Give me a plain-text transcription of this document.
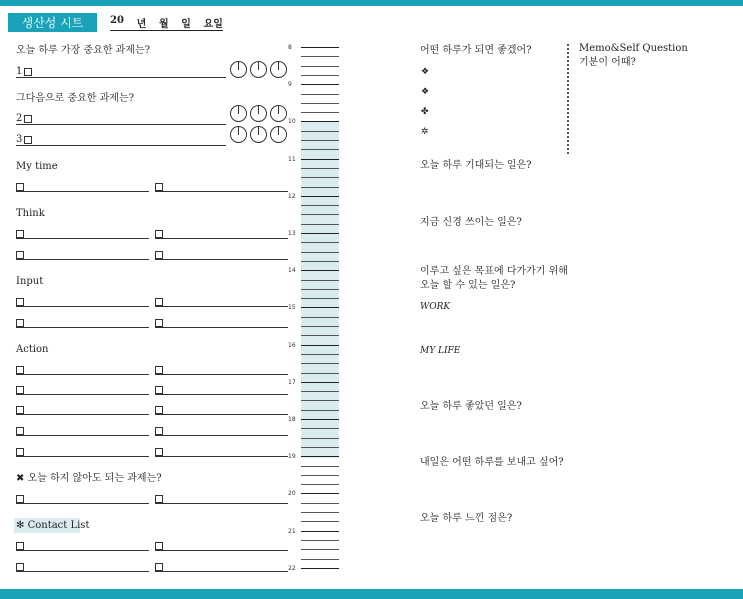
생산성 시트	20 년 월 일 요일
오늘 하루 가장 중요한 과제는?
1
그다음으로 중요한 과제는?
2
3
My time
Think
Input
Action
✖ 오늘 하지 않아도 되는 과제는?
✻ Contact List
8
9
10
11
12
13
14
15
16
17
18
19
20
21
22
어떤 하루가 되면 좋겠어?
❖
❖
✤
✲
오늘 하루 기대되는 일은?
지금 신경 쓰이는 일은?
이루고 싶은 목표에 다가가기 위해
오늘 할 수 있는 일은?
WORK
MY LIFE
오늘 하루 좋았던 일은?
내일은 어떤 하루를 보내고 싶어?
오늘 하루 느낀 점은?
Memo&Self Question
기분이 어때?
